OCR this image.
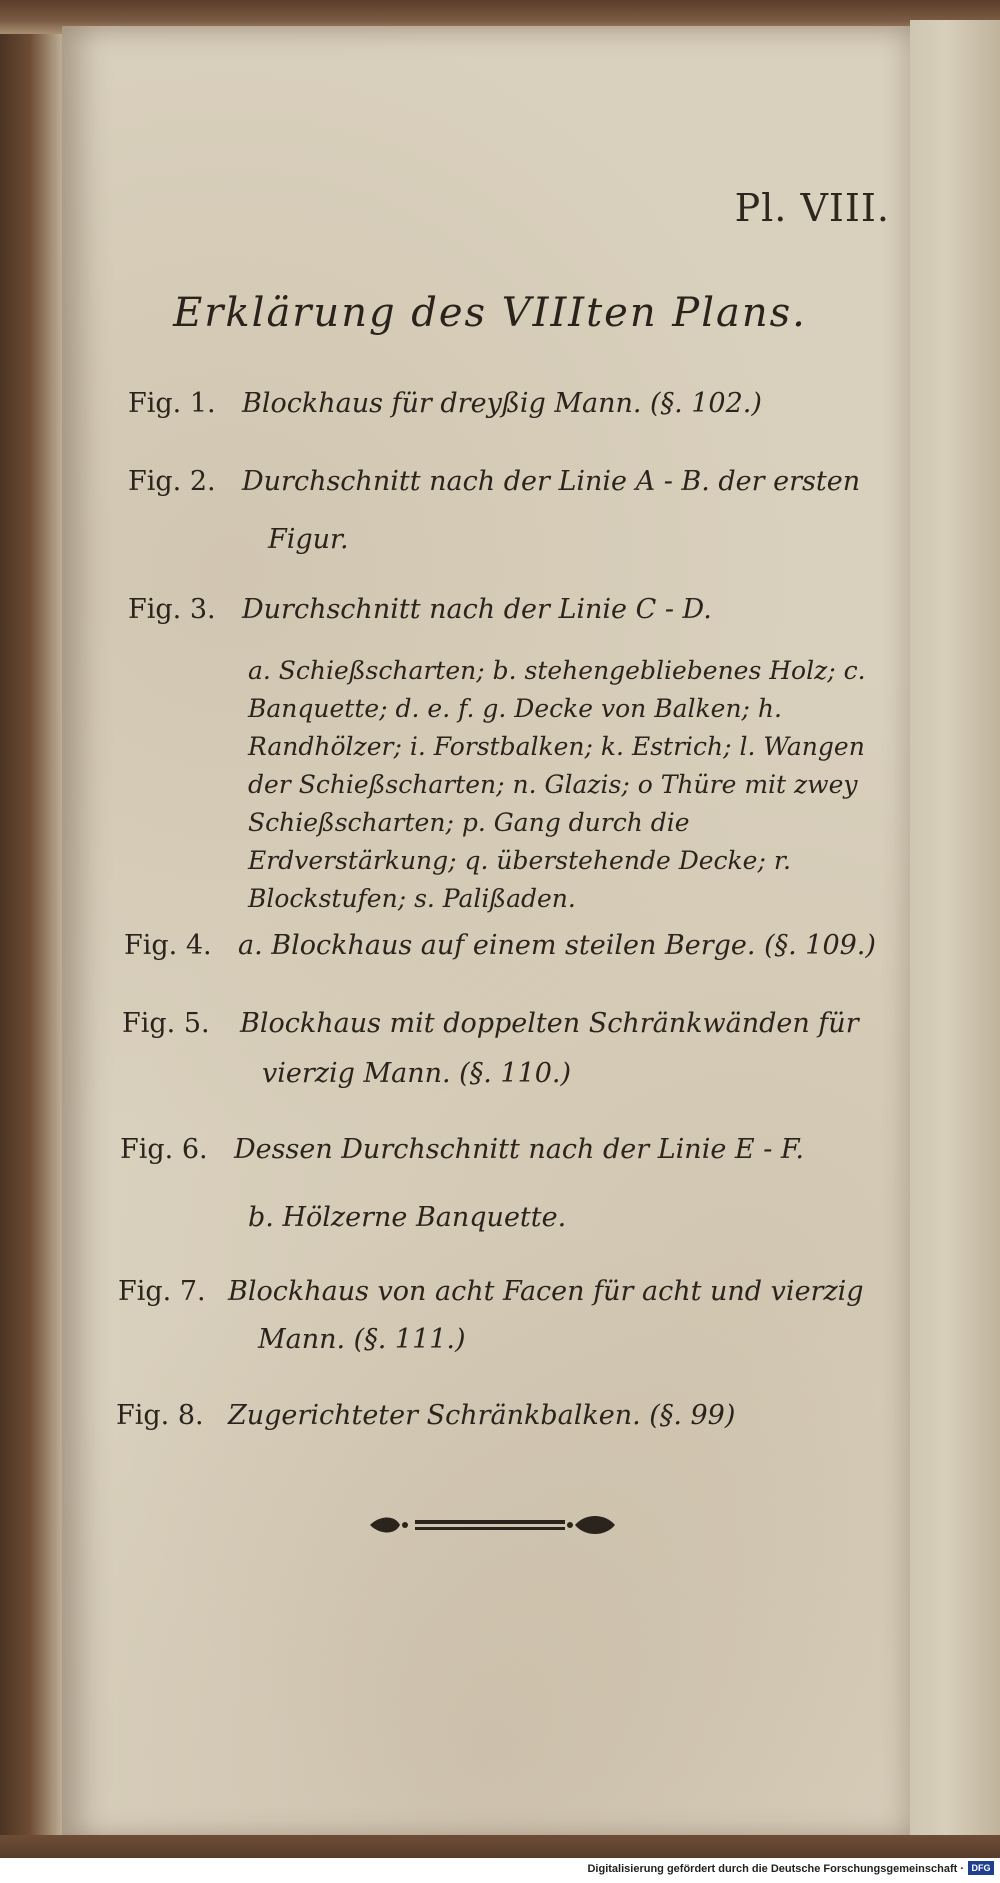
Pl. VIII.
Erklärung des VIIIten Plans.
Fig. 1. Blockhaus für dreyßig Mann. (§. 102.)
Fig. 2. Durchschnitt nach der Linie A - B. der ersten
Figur.
Fig. 3. Durchschnitt nach der Linie C - D.
a. Schießscharten; b. stehengebliebenes Holz; c. Banquette; d. e. f. g. Decke von Balken; h. Randhölzer; i. Forstbalken; k. Estrich; l. Wangen der Schießscharten; n. Glazis; o Thüre mit zwey Schießscharten; p. Gang durch die Erdverstärkung; q. überstehende Decke; r. Blockstufen; s. Palißaden.
Fig. 4. a. Blockhaus auf einem steilen Berge. (§. 109.)
Fig. 5. Blockhaus mit doppelten Schränkwänden für
vierzig Mann. (§. 110.)
Fig. 6. Dessen Durchschnitt nach der Linie E - F.
b. Hölzerne Banquette.
Fig. 7. Blockhaus von acht Facen für acht und vierzig
Mann. (§. 111.)
Fig. 8. Zugerichteter Schränkbalken. (§. 99)
Digitalisierung gefördert durch die Deutsche Forschungsgemeinschaft · DFG
